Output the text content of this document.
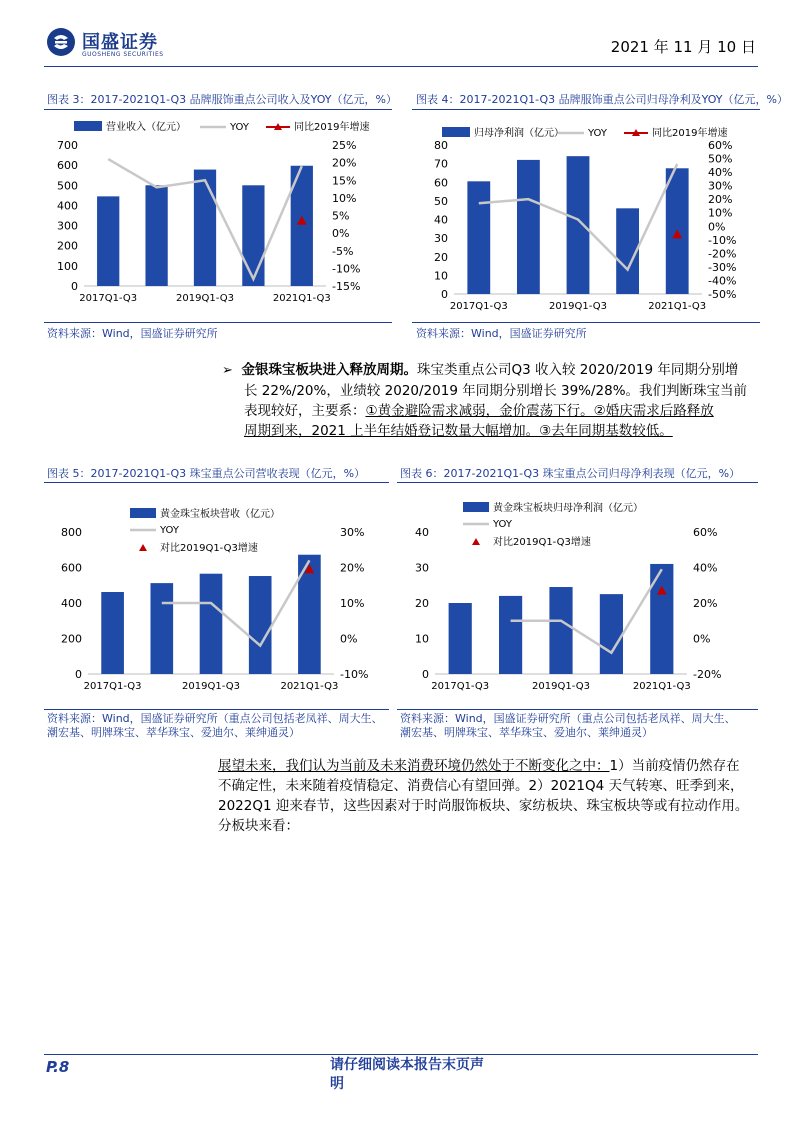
国盛证券
GUOSHENG SECURITIES	2021 年 11 月 10 日
图表 3：2017-2021Q1-Q3 品牌服饰重点公司收入及YOY（亿元，%）
0
100
200
300
400
500
600
700	25%
20%
15%
10%
5%
0%
-5%
-10%
-15%
2017Q1-Q3	2019Q1-Q3	2021Q1-Q3
营业收入（亿元）	YOY	同比2019年增速
资料来源：Wind，国盛证券研究所
图表 4：2017-2021Q1-Q3 品牌服饰重点公司归母净利及YOY（亿元，%）
0
10
20
30
40
50
60
70
80	60%
50%
40%
30%
20%
10%
0%
-10%
-20%
-30%
-40%
-50%
2017Q1-Q3	2019Q1-Q3	2021Q1-Q3
归母净利润（亿元） YOY	同比2019年增速
资料来源：Wind，国盛证券研究所
➢ 金银珠宝板块进入释放周期。珠宝类重点公司Q3 收入较 2020/2019 年同期分别增
长 22%/20%，业绩较 2020/2019 年同期分别增长 39%/28%。我们判断珠宝当前
表现较好，主要系：①黄金避险需求减弱，金价震荡下行。②婚庆需求后路释放
周期到来，2021 上半年结婚登记数量大幅增加。③去年同期基数较低。
图表 5：2017-2021Q1-Q3 珠宝重点公司营收表现（亿元，%）
0
200
400
600
800	30%
20%
10%
0%
-10%
2017Q1-Q3	2019Q1-Q3	2021Q1-Q3
黄金珠宝板块营收（亿元）
YOY
对比2019Q1-Q3增速
资料来源：Wind，国盛证券研究所（重点公司包括老凤祥、周大生、
潮宏基、明牌珠宝、萃华珠宝、爱迪尔、莱绅通灵）
图表 6：2017-2021Q1-Q3 珠宝重点公司归母净利表现（亿元，%）
0
10
20
30
40	60%
40%
20%
0%
-20%
2017Q1-Q3	2019Q1-Q3	2021Q1-Q3
黄金珠宝板块归母净利润（亿元）
YOY
对比2019Q1-Q3增速
资料来源：Wind，国盛证券研究所（重点公司包括老凤祥、周大生、
潮宏基、明牌珠宝、萃华珠宝、爱迪尔、莱绅通灵）
展望未来，我们认为当前及未来消费环境仍然处于不断变化之中：1）当前疫情仍然存在
不确定性，未来随着疫情稳定、消费信心有望回弹。2）2021Q4 天气转寒、旺季到来，
2022Q1 迎来春节，这些因素对于时尚服饰板块、家纺板块、珠宝板块等或有拉动作用。
分板块来看：
P.8	请仔细阅读本报告末页声明
